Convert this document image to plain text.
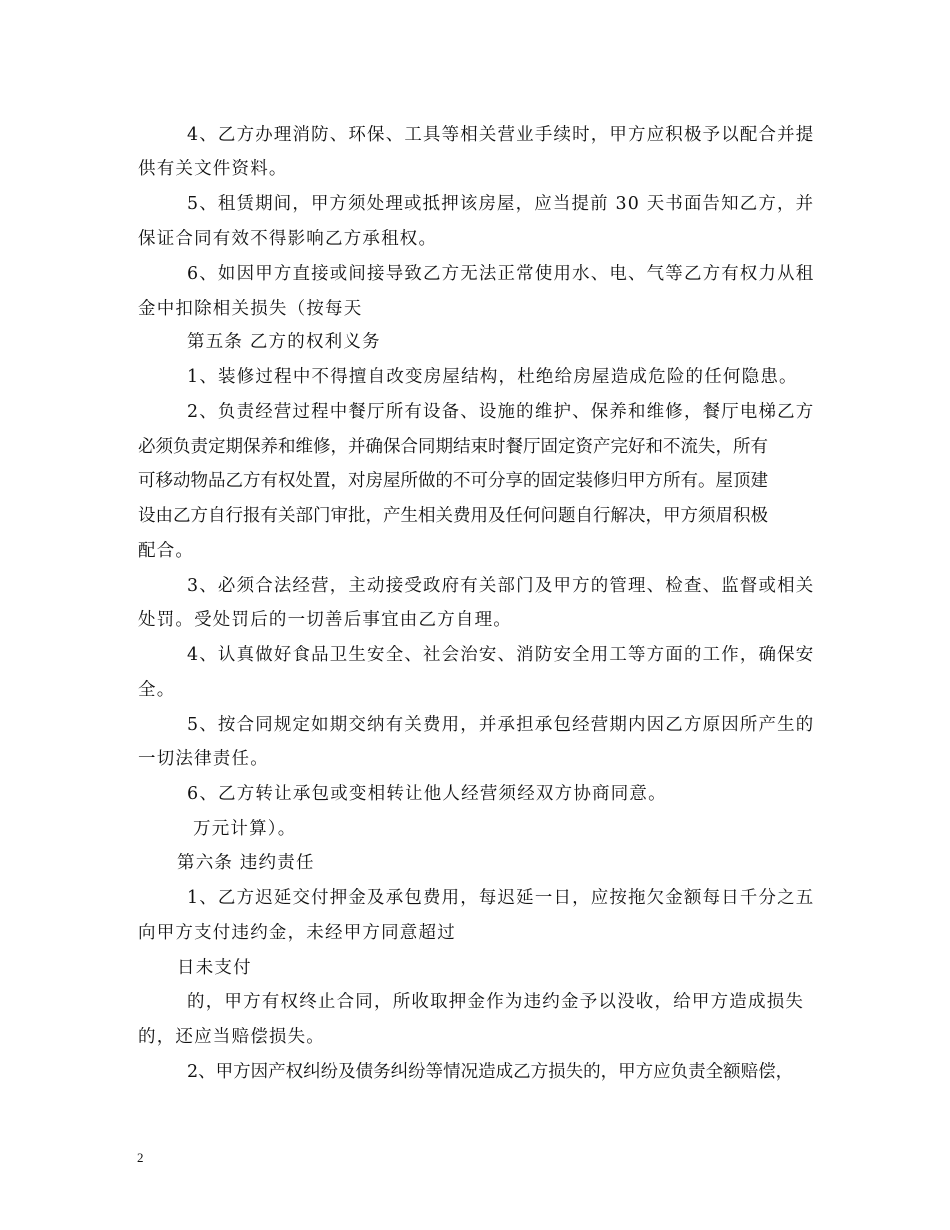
4、乙方办理消防、环保、工具等相关营业手续时，甲方应积极予以配合并提
供有关文件资料。
5、租赁期间，甲方须处理或抵押该房屋，应当提前 30 天书面告知乙方，并
保证合同有效不得影响乙方承租权。
6、如因甲方直接或间接导致乙方无法正常使用水、电、气等乙方有权力从租
金中扣除相关损失（按每天
第五条 乙方的权利义务
1、装修过程中不得擅自改变房屋结构，杜绝给房屋造成危险的任何隐患。
2、负责经营过程中餐厅所有设备、设施的维护、保养和维修，餐厅电梯乙方
必须负责定期保养和维修，并确保合同期结束时餐厅固定资产完好和不流失，所有
可移动物品乙方有权处置，对房屋所做的不可分享的固定装修归甲方所有。屋顶建
设由乙方自行报有关部门审批，产生相关费用及任何问题自行解决，甲方须眉积极
配合。
3、必须合法经营，主动接受政府有关部门及甲方的管理、检查、监督或相关
处罚。受处罚后的一切善后事宜由乙方自理。
4、认真做好食品卫生安全、社会治安、消防安全用工等方面的工作，确保安
全。
5、按合同规定如期交纳有关费用，并承担承包经营期内因乙方原因所产生的
一切法律责任。
6、乙方转让承包或变相转让他人经营须经双方协商同意。
万元计算）。
第六条 违约责任
1、乙方迟延交付押金及承包费用，每迟延一日，应按拖欠金额每日千分之五
向甲方支付违约金，未经甲方同意超过
日未支付
的，甲方有权终止合同，所收取押金作为违约金予以没收，给甲方造成损失
的，还应当赔偿损失。
2、甲方因产权纠纷及债务纠纷等情况造成乙方损失的，甲方应负责全额赔偿，
2
